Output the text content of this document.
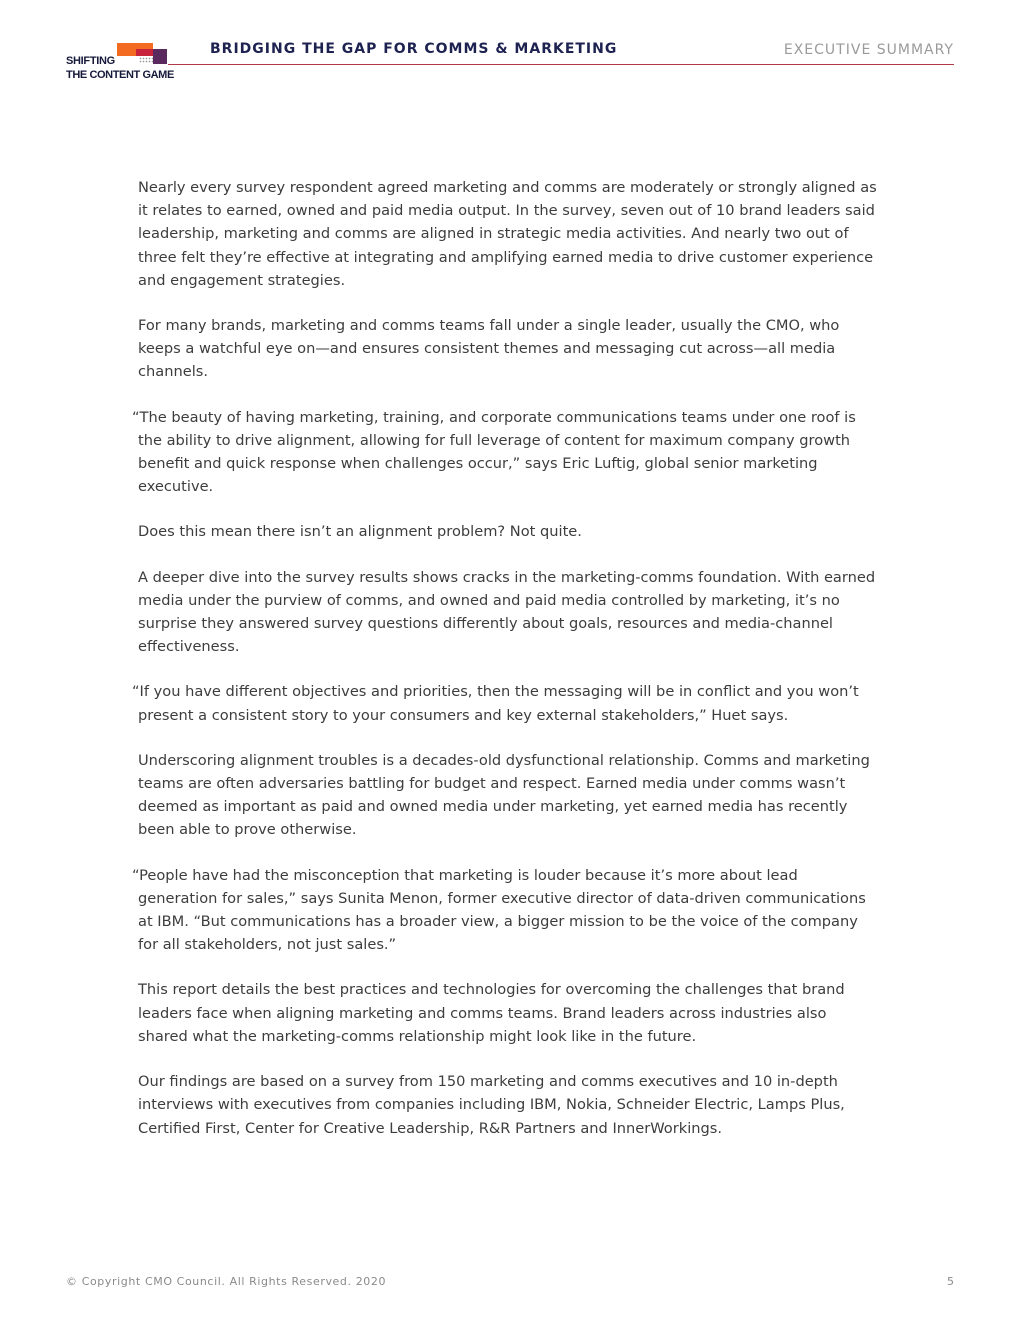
SHIFTING
THE CONTENT GAME
BRIDGING THE GAP FOR COMMS & MARKETING	EXECUTIVE SUMMARY

Nearly every survey respondent agreed marketing and comms are moderately or strongly aligned as it relates to earned, owned and paid media output. In the survey, seven out of 10 brand leaders said leadership, marketing and comms are aligned in strategic media activities. And nearly two out of three felt they’re effective at integrating and amplifying earned media to drive customer experience and engagement strategies.

For many brands, marketing and comms teams fall under a single leader, usually the CMO, who keeps a watchful eye on—and ensures consistent themes and messaging cut across—all media channels.

“The beauty of having marketing, training, and corporate communications teams under one roof is the ability to drive alignment, allowing for full leverage of content for maximum company growth benefit and quick response when challenges occur,” says Eric Luftig, global senior marketing executive.

Does this mean there isn’t an alignment problem? Not quite.

A deeper dive into the survey results shows cracks in the marketing-comms foundation. With earned media under the purview of comms, and owned and paid media controlled by marketing, it’s no surprise they answered survey questions differently about goals, resources and media-channel effectiveness.

“If you have different objectives and priorities, then the messaging will be in conflict and you won’t present a consistent story to your consumers and key external stakeholders,” Huet says.

Underscoring alignment troubles is a decades-old dysfunctional relationship. Comms and marketing teams are often adversaries battling for budget and respect. Earned media under comms wasn’t deemed as important as paid and owned media under marketing, yet earned media has recently been able to prove otherwise.

“People have had the misconception that marketing is louder because it’s more about lead generation for sales,” says Sunita Menon, former executive director of data-driven communications at IBM. “But communications has a broader view, a bigger mission to be the voice of the company for all stakeholders, not just sales.”

This report details the best practices and technologies for overcoming the challenges that brand leaders face when aligning marketing and comms teams. Brand leaders across industries also shared what the marketing-comms relationship might look like in the future.

Our findings are based on a survey from 150 marketing and comms executives and 10 in-depth interviews with executives from companies including IBM, Nokia, Schneider Electric, Lamps Plus, Certified First, Center for Creative Leadership, R&R Partners and InnerWorkings.

© Copyright CMO Council. All Rights Reserved. 2020	5
